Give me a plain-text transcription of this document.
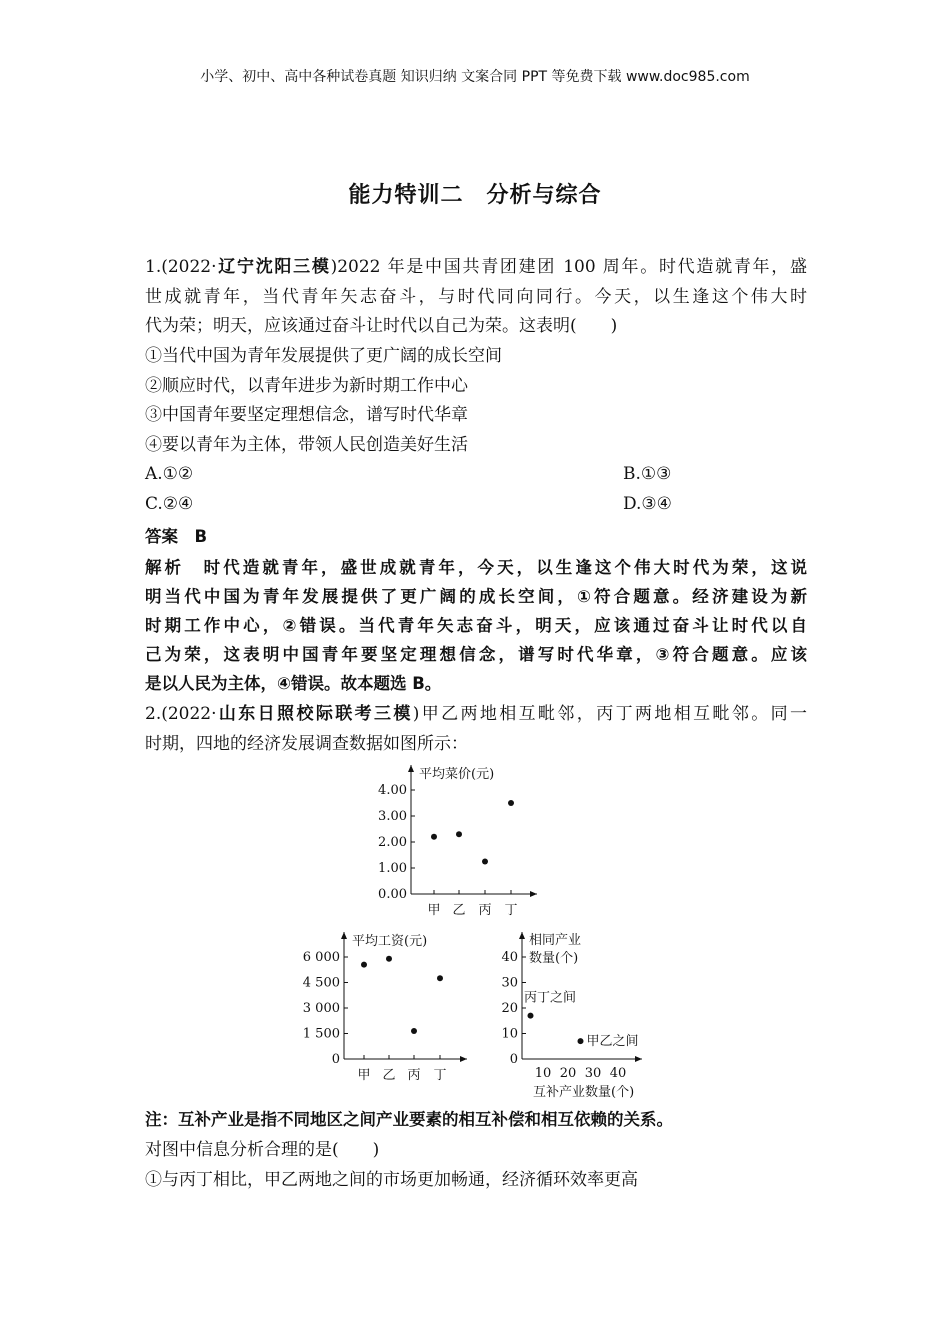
小学、初中、高中各种试卷真题 知识归纳 文案合同 PPT 等免费下载 www.doc985.com
能力特训二　分析与综合
1.(2022·辽宁沈阳三模)2022 年是中国共青团建团 100 周年。时代造就青年，盛
世成就青年，当代青年矢志奋斗，与时代同向同行。今天，以生逢这个伟大时
代为荣；明天，应该通过奋斗让时代以自己为荣。这表明(　　)
①当代中国为青年发展提供了更广阔的成长空间
②顺应时代，以青年进步为新时期工作中心
③中国青年要坚定理想信念，谱写时代华章
④要以青年为主体，带领人民创造美好生活
A.①②	B.①③
C.②④	D.③④
答案　B
解析　时代造就青年，盛世成就青年，今天，以生逢这个伟大时代为荣，这说
明当代中国为青年发展提供了更广阔的成长空间，①符合题意。经济建设为新
时期工作中心，②错误。当代青年矢志奋斗，明天，应该通过奋斗让时代以自
己为荣，这表明中国青年要坚定理想信念，谱写时代华章，③符合题意。应该
是以人民为主体，④错误。故本题选 B。
2.(2022·山东日照校际联考三模)甲乙两地相互毗邻，丙丁两地相互毗邻。同一
时期，四地的经济发展调查数据如图所示：
0.00
1.00
2.00
3.00
4.00
甲 乙 丙 丁
平均菜价(元)
0
1 500
3 000
4 500
6 000
甲 乙 丙 丁
平均工资(元)
0
10
20
30
40
10 20 30 40
互补产业数量(个)
相同产业
数量(个)
丙丁之间
甲乙之间
注：互补产业是指不同地区之间产业要素的相互补偿和相互依赖的关系。
对图中信息分析合理的是(　　)
①与丙丁相比，甲乙两地之间的市场更加畅通，经济循环效率更高
